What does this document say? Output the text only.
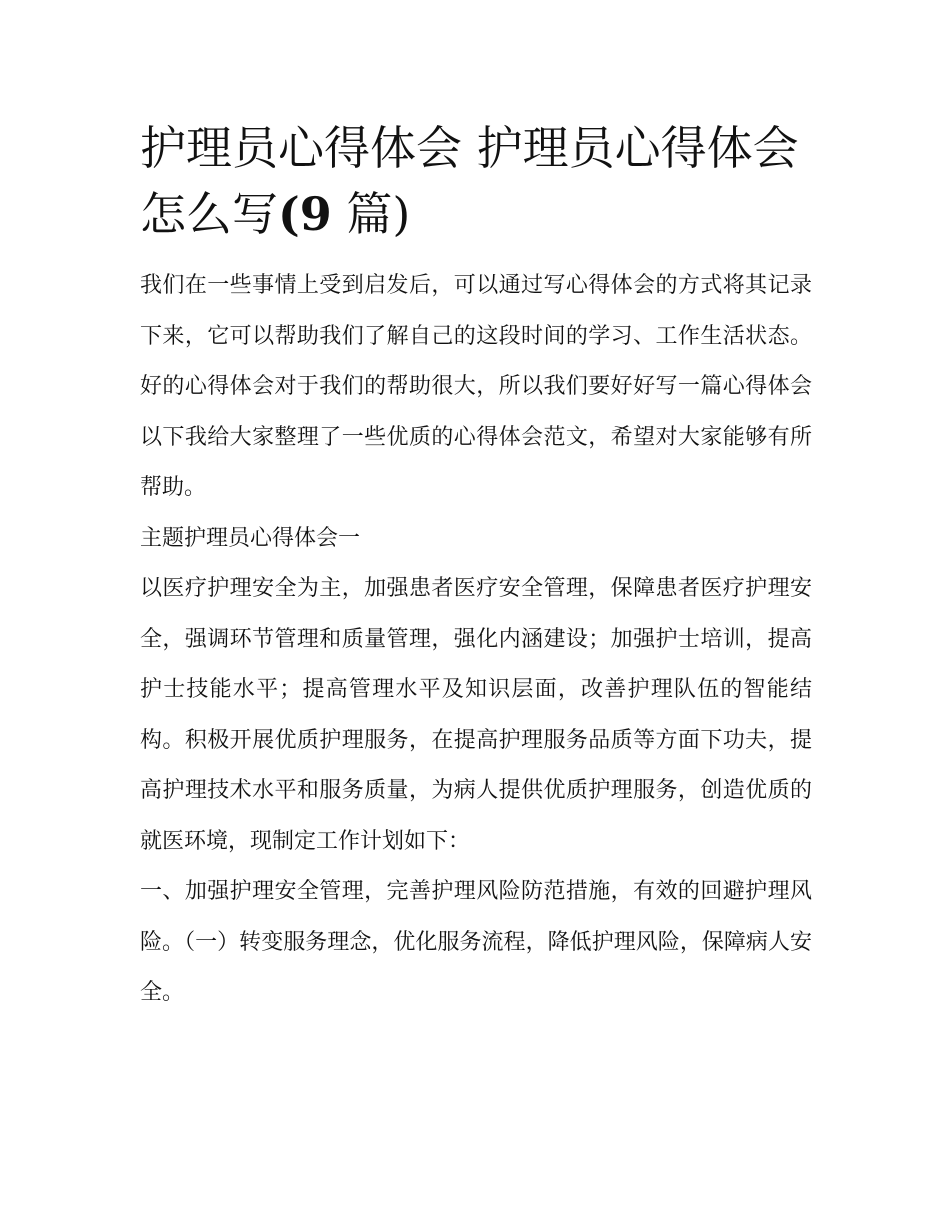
护理员心得体会 护理员心得体会怎么写(9 篇)

我们在一些事情上受到启发后，可以通过写心得体会的方式将其记录下来，它可以帮助我们了解自己的这段时间的学习、工作生活状态。好的心得体会对于我们的帮助很大，所以我们要好好写一篇心得体会以下我给大家整理了一些优质的心得体会范文，希望对大家能够有所帮助。

主题护理员心得体会一

以医疗护理安全为主，加强患者医疗安全管理，保障患者医疗护理安全，强调环节管理和质量管理，强化内涵建设；加强护士培训，提高护士技能水平；提高管理水平及知识层面，改善护理队伍的智能结构。积极开展优质护理服务，在提高护理服务品质等方面下功夫，提高护理技术水平和服务质量，为病人提供优质护理服务，创造优质的就医环境，现制定工作计划如下：

一、加强护理安全管理，完善护理风险防范措施，有效的回避护理风险。（一）转变服务理念，优化服务流程，降低护理风险，保障病人安全。
